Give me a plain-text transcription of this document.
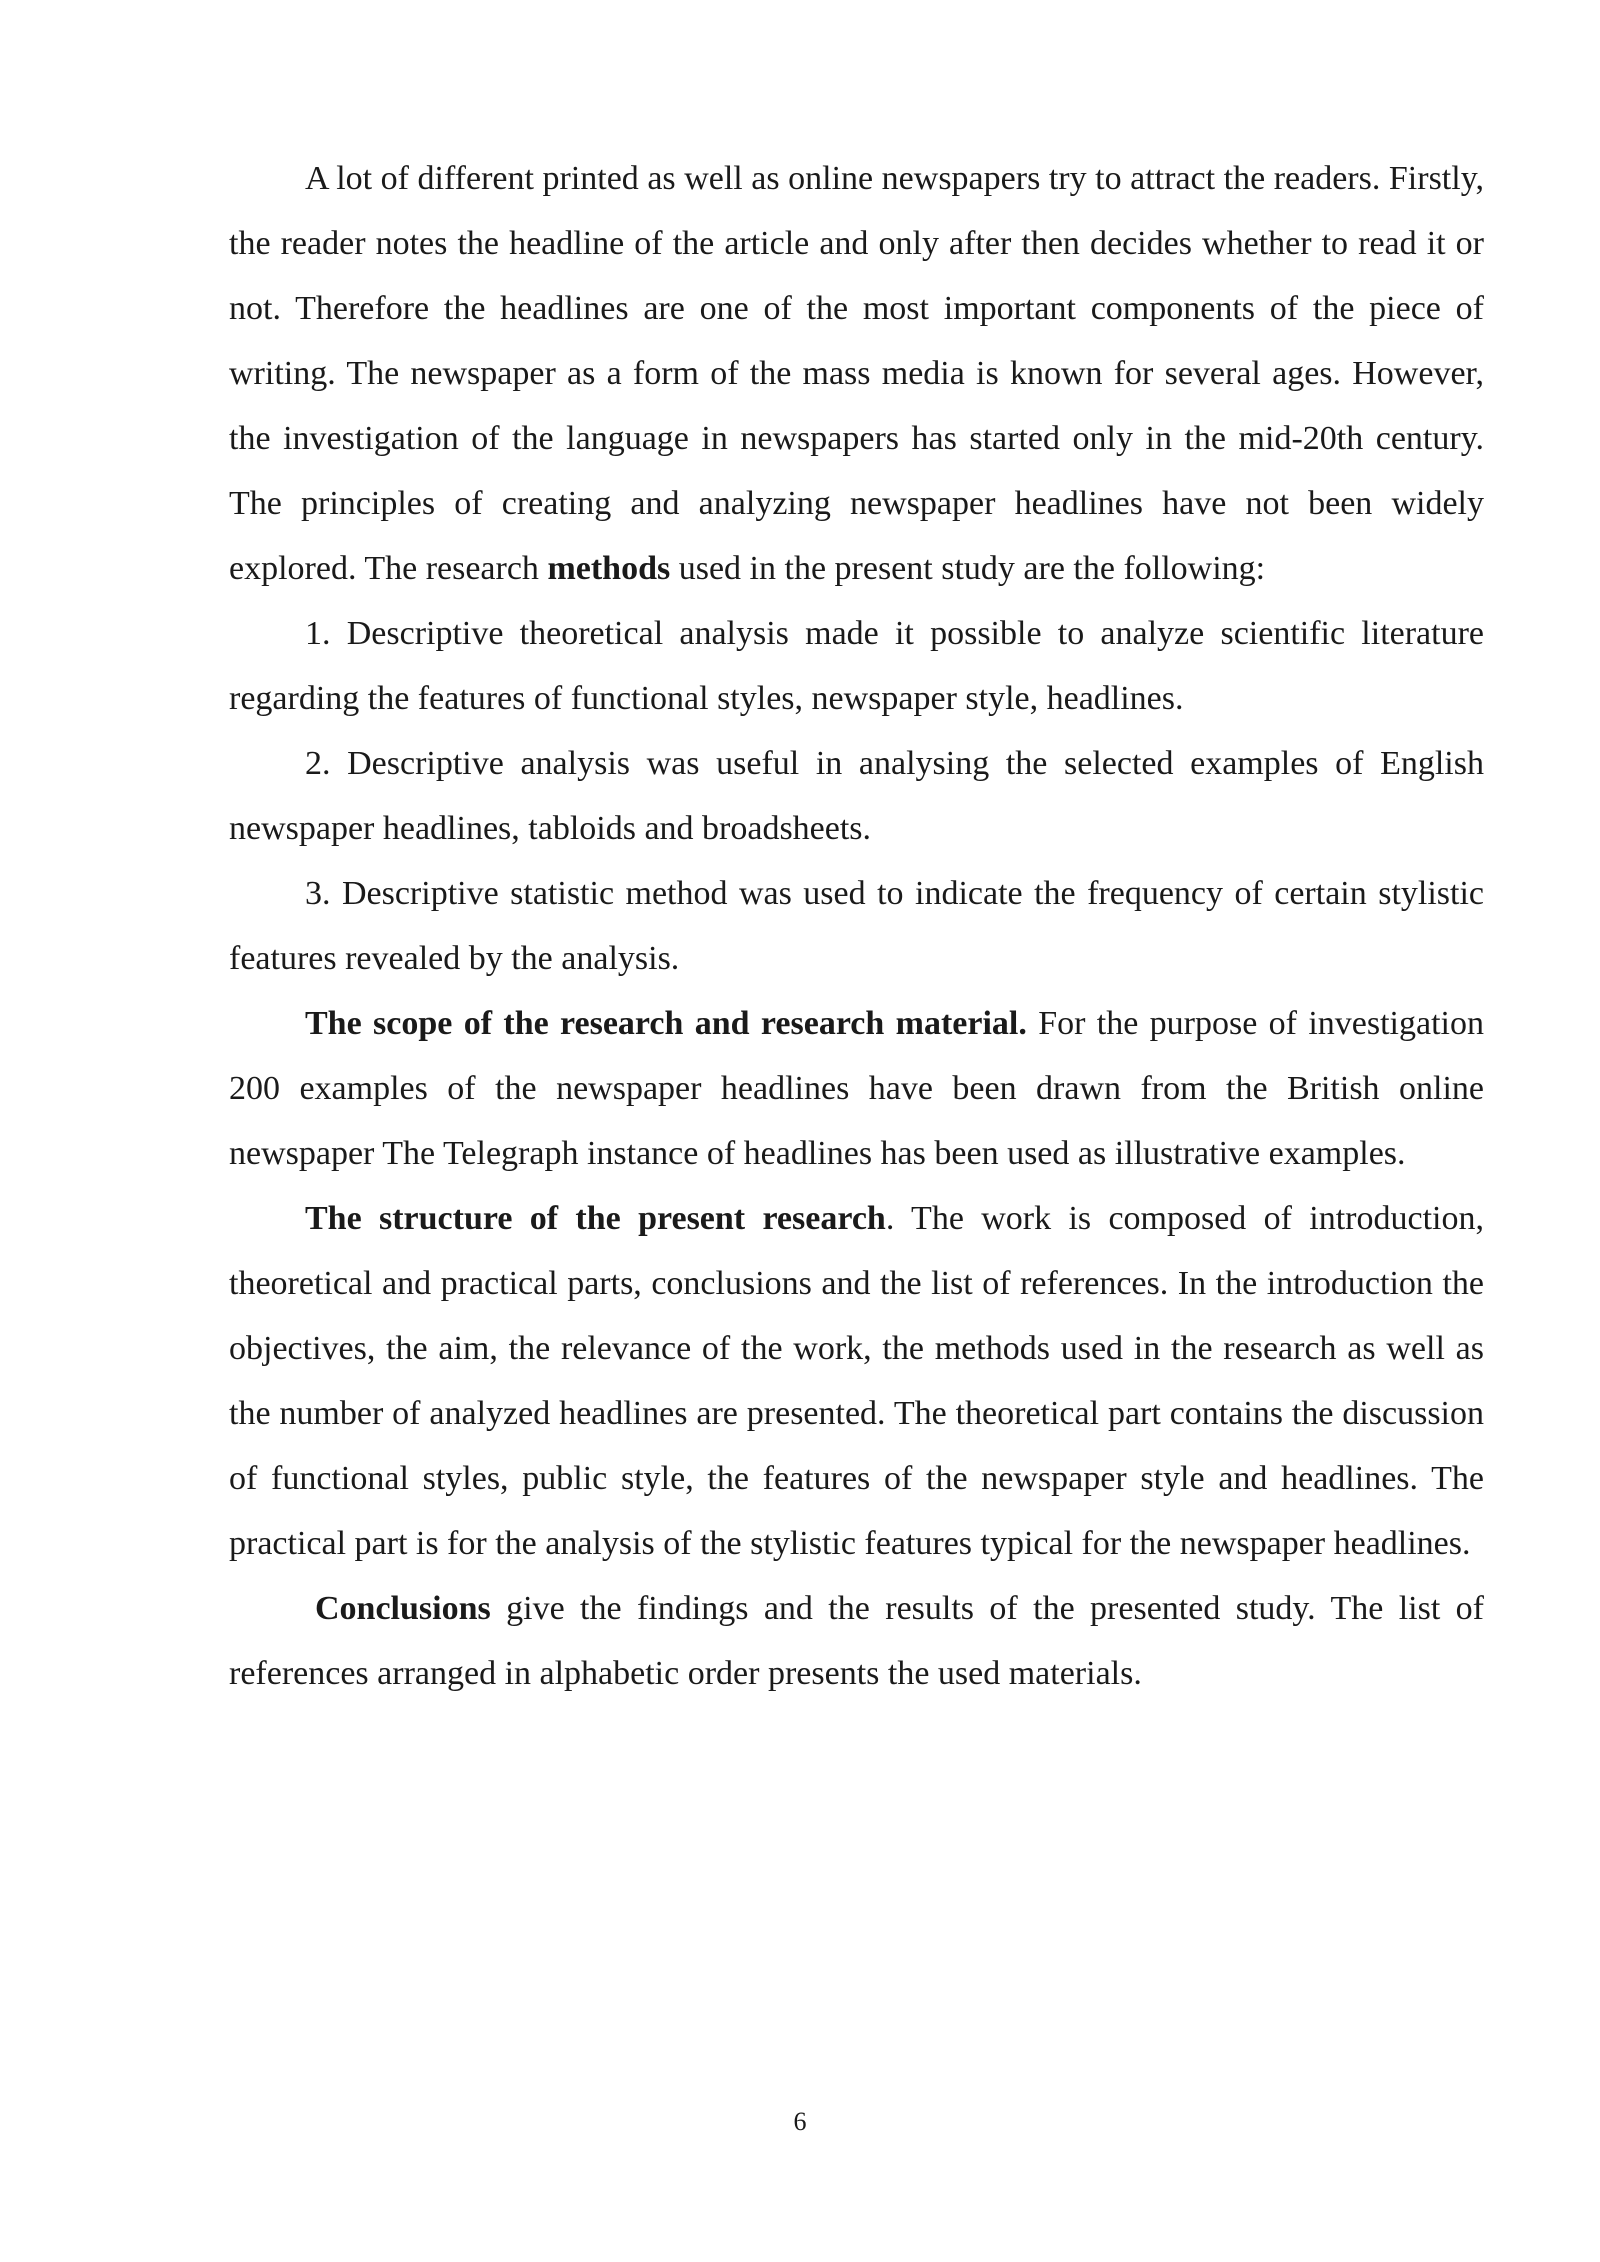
A lot of different printed as well as online newspapers try to attract the readers. Firstly, the reader notes the headline of the article and only after then decides whether to read it or not. Therefore the headlines are one of the most important components of the piece of writing. The newspaper as a form of the mass media is known for several ages. However, the investigation of the language in newspapers has started only in the mid-20th century. The principles of creating and analyzing newspaper headlines have not been widely explored. The research methods used in the present study are the following:

1. Descriptive theoretical analysis made it possible to analyze scientific literature regarding the features of functional styles, newspaper style, headlines.

2. Descriptive analysis was useful in analysing the selected examples of English newspaper headlines, tabloids and broadsheets.

3. Descriptive statistic method was used to indicate the frequency of certain stylistic features revealed by the analysis.

The scope of the research and research material. For the purpose of investigation 200 examples of the newspaper headlines have been drawn from the British online newspaper The Telegraph instance of headlines has been used as illustrative examples.

The structure of the present research. The work is composed of introduction, theoretical and practical parts, conclusions and the list of references. In the introduction the objectives, the aim, the relevance of the work, the methods used in the research as well as the number of analyzed headlines are presented. The theoretical part contains the discussion of functional styles, public style, the features of the newspaper style and headlines. The practical part is for the analysis of the stylistic features typical for the newspaper headlines.

Conclusions give the findings and the results of the presented study. The list of references arranged in alphabetic order presents the used materials.

6
